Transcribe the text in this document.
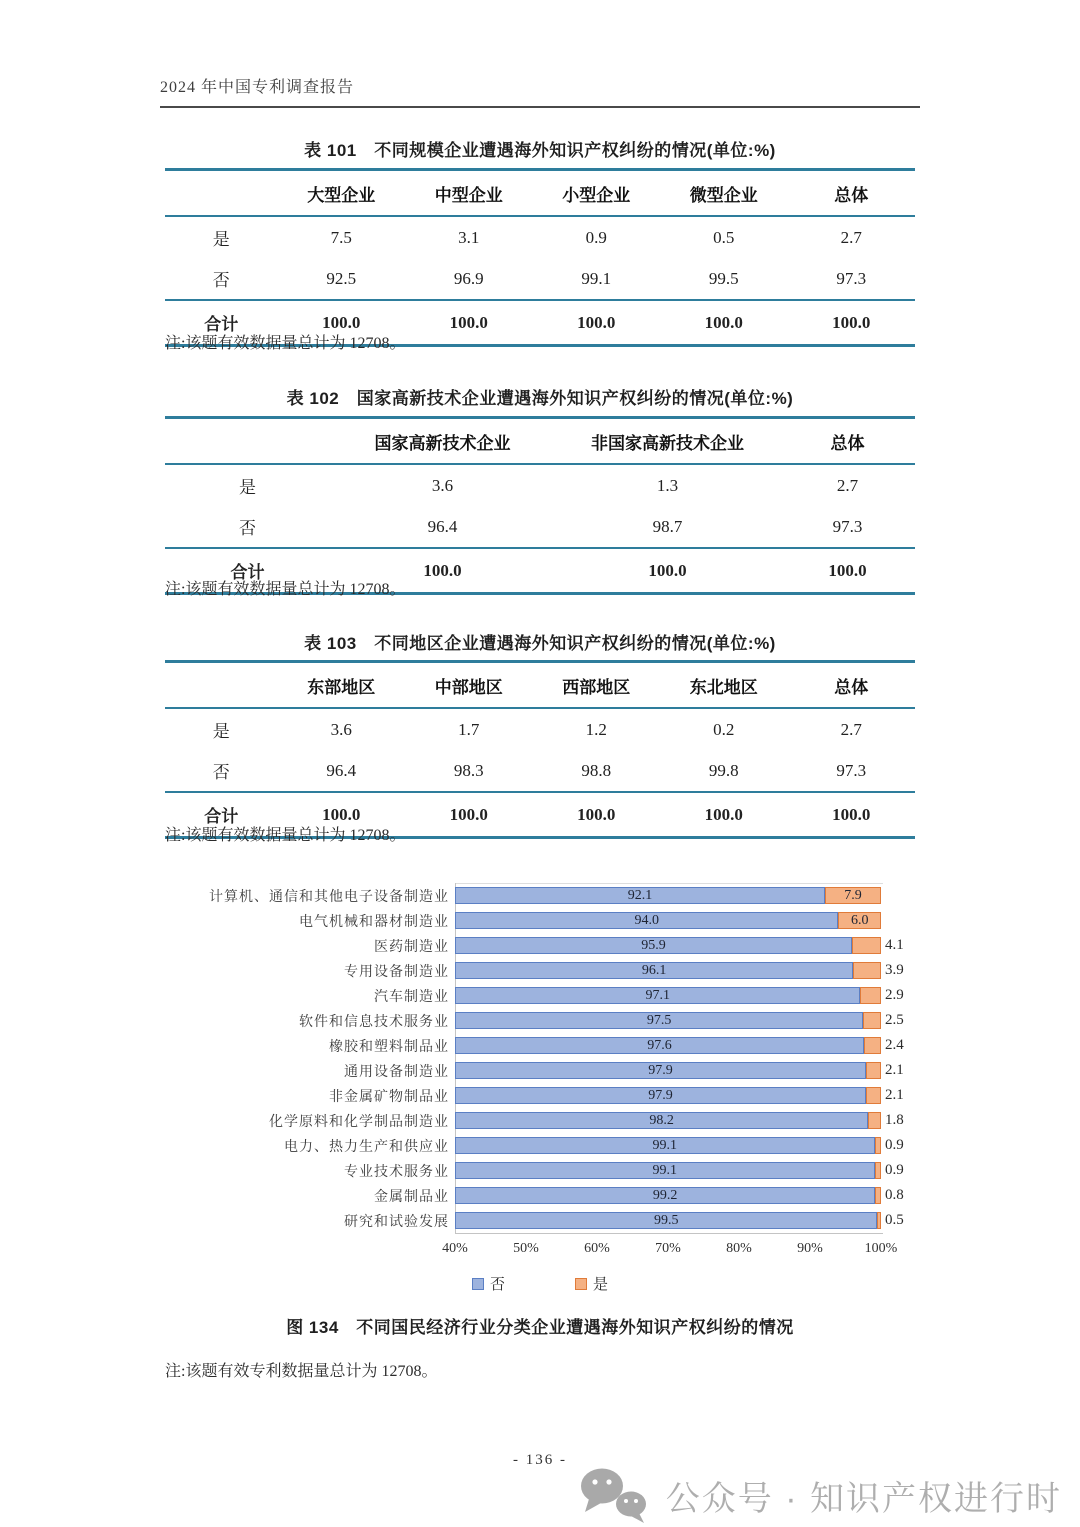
2024 年中国专利调查报告
表 101　不同规模企业遭遇海外知识产权纠纷的情况(单位:%)
	大型企业	中型企业	小型企业	微型企业	总体
是	7.5	3.1	0.9	0.5	2.7
否	92.5	96.9	99.1	99.5	97.3
合计	100.0	100.0	100.0	100.0	100.0
注:该题有效数据量总计为 12708。
表 102　国家高新技术企业遭遇海外知识产权纠纷的情况(单位:%)
	国家高新技术企业	非国家高新技术企业	总体
是	3.6	1.3	2.7
否	96.4	98.7	97.3
合计	100.0	100.0	100.0
注:该题有效数据量总计为 12708。
表 103　不同地区企业遭遇海外知识产权纠纷的情况(单位:%)
	东部地区	中部地区	西部地区	东北地区	总体
是	3.6	1.7	1.2	0.2	2.7
否	96.4	98.3	98.8	99.8	97.3
合计	100.0	100.0	100.0	100.0	100.0
注:该题有效数据量总计为 12708。
计算机、通信和其他电子设备制造业	92.1	7.9
电气机械和器材制造业	94.0	6.0
医药制造业	95.9	4.1
专用设备制造业	96.1	3.9
汽车制造业	97.1	2.9
软件和信息技术服务业	97.5	2.5
橡胶和塑料制品业	97.6	2.4
通用设备制造业	97.9	2.1
非金属矿物制品业	97.9	2.1
化学原料和化学制品制造业	98.2	1.8
电力、热力生产和供应业	99.1	0.9
专业技术服务业	99.1	0.9
金属制品业	99.2	0.8
研究和试验发展	99.5	0.5
40%	50%	60%	70%	80%	90%	100%
否	是
图 134　不同国民经济行业分类企业遭遇海外知识产权纠纷的情况
注:该题有效专利数据量总计为 12708。
- 136 -
公众号 · 知识产权进行时
